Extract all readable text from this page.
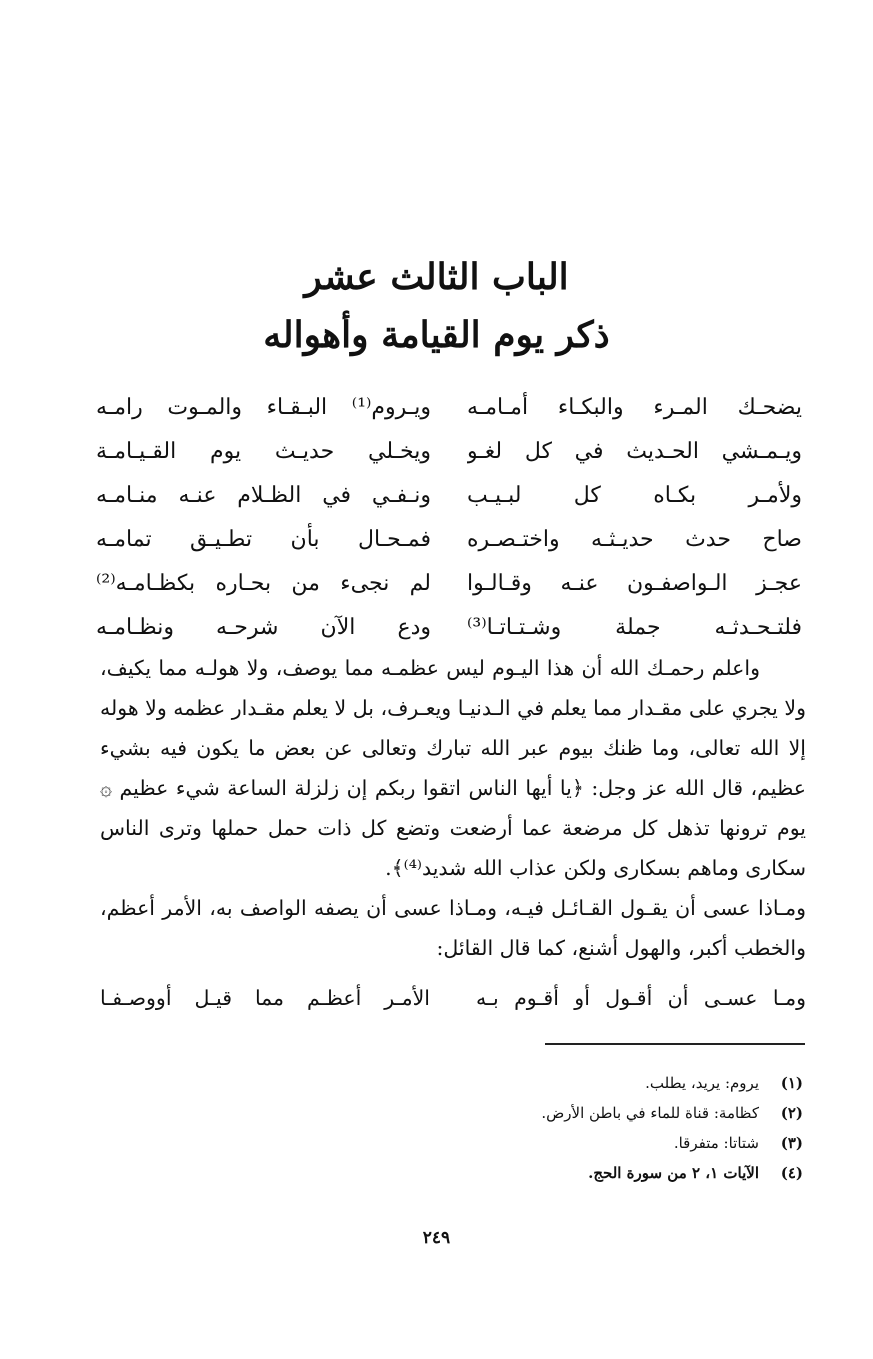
الباب الثالث عشر
ذكر يوم القيامة وأهواله
يضحـك المـرء والبكـاء أمـامـه
ويـروم⁽¹⁾ البـقـاء والمـوت رامـه
ويـمـشي الحـديث في كل لغـو
ويخـلي حديـث يوم القـيـامـة
ولأمـر بكـاه كل لبـيـب
ونـفـي في الظـلام عنـه منـامـه
صاح حدث حديـثـه واختـصـره
فمـحـال بأن تطـيـق تمامـه
عجـز الـواصفـون عنـه وقـالـوا
لم نجىء من بحـاره بكظـامـه⁽²⁾
فلتـحـدثـه جملة وشـتـاتـا⁽³⁾
ودع الآن شرحـه ونظـامـه

واعلم رحمـك الله أن هذا اليـوم ليس عظمـه مما يوصف، ولا هولـه مما يكيف، ولا يجري على مقـدار مما يعلم في الـدنيـا ويعـرف، بل لا يعلم مقـدار عظمه ولا هوله إلا الله تعالى، وما ظنك بيوم عبر الله تبارك وتعالى عن بعض ما يكون فيه بشيء عظيم، قال الله عز وجل: ﴿يا أيها الناس اتقوا ربكم إن زلزلة الساعة شيء عظيم ۞ يوم ترونها تذهل كل مرضعة عما أرضعت وتضع كل ذات حمل حملها وترى الناس سكارى وماهم بسكارى ولكن عذاب الله شديد⁽⁴⁾﴾.

ومـاذا عسى أن يقـول القـائـل فيـه، ومـاذا عسى أن يصفه الواصف به، الأمر أعظم، والخطب أكبر، والهول أشنع، كما قال القائل:

ومـا عسـى أن أقـول أو أقـوم بـه
الأمـر أعظـم مما قيـل أووصـفـا
(١)
يروم: يريد، يطلب.
(٢)
كظامة: قناة للماء في باطن الأرض.
(٣)
شتاتا: متفرقا.
(٤)
الآيات ١، ٢ من سورة الحج.
٢٤٩
